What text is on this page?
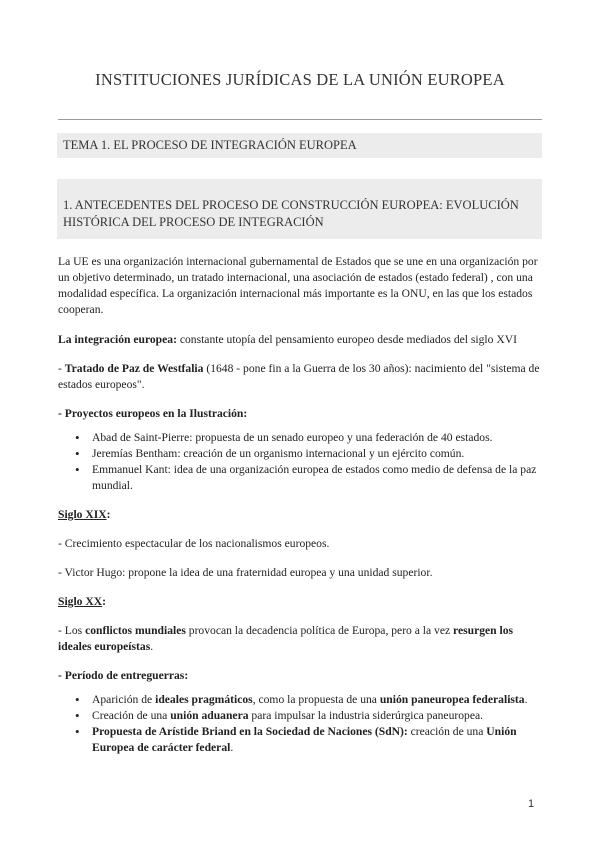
INSTITUCIONES JURÍDICAS DE LA UNIÓN EUROPEA
TEMA 1. EL PROCESO DE INTEGRACIÓN EUROPEA
1. ANTECEDENTES DEL PROCESO DE CONSTRUCCIÓN EUROPEA: EVOLUCIÓN HISTÓRICA DEL PROCESO DE INTEGRACIÓN

La UE es una organización internacional gubernamental de Estados que se une en una organización por un objetivo determinado, un tratado internacional, una asociación de estados (estado federal) , con una modalidad específica. La organización internacional más importante es la ONU, en las que los estados cooperan.

La integración europea: constante utopía del pensamiento europeo desde mediados del siglo XVI

- Tratado de Paz de Westfalia (1648 - pone fin a la Guerra de los 30 años): nacimiento del "sistema de estados europeos".

- Proyectos europeos en la Ilustración:

• Abad de Saint-Pierre: propuesta de un senado europeo y una federación de 40 estados.
• Jeremías Bentham: creación de un organismo internacional y un ejército común.
• Emmanuel Kant: idea de una organización europea de estados como medio de defensa de la paz mundial.

Siglo XIX:

- Crecimiento espectacular de los nacionalismos europeos.

- Victor Hugo: propone la idea de una fraternidad europea y una unidad superior.

Siglo XX:

- Los conflictos mundiales provocan la decadencia política de Europa, pero a la vez resurgen los ideales europeístas.

- Período de entreguerras:

• Aparición de ideales pragmáticos, como la propuesta de una unión paneuropea federalista.
• Creación de una unión aduanera para impulsar la industria siderúrgica paneuropea.
• Propuesta de Arístide Briand en la Sociedad de Naciones (SdN): creación de una Unión Europea de carácter federal.
1
